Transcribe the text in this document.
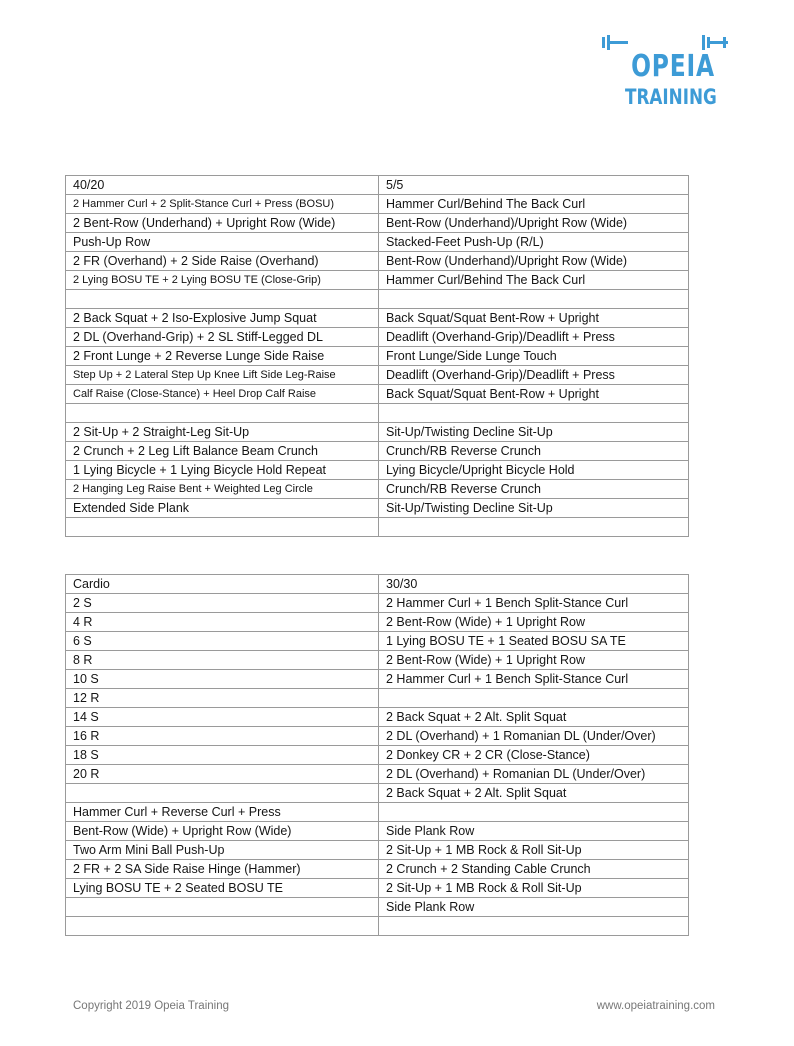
OPEIA
TRAINING
40/20	5/5
2 Hammer Curl + 2 Split-Stance Curl + Press (BOSU)	Hammer Curl/Behind The Back Curl
2 Bent-Row (Underhand) + Upright Row (Wide)	Bent-Row (Underhand)/Upright Row (Wide)
Push-Up Row	Stacked-Feet Push-Up (R/L)
2 FR (Overhand) + 2 Side Raise (Overhand)	Bent-Row (Underhand)/Upright Row (Wide)
2 Lying BOSU TE + 2 Lying BOSU TE (Close-Grip)	Hammer Curl/Behind The Back Curl

2 Back Squat + 2 Iso-Explosive Jump Squat	Back Squat/Squat Bent-Row + Upright
2 DL (Overhand-Grip) + 2 SL Stiff-Legged DL	Deadlift (Overhand-Grip)/Deadlift + Press
2 Front Lunge + 2 Reverse Lunge Side Raise	Front Lunge/Side Lunge Touch
Step Up + 2 Lateral Step Up Knee Lift Side Leg-Raise	Deadlift (Overhand-Grip)/Deadlift + Press
Calf Raise (Close-Stance) + Heel Drop Calf Raise	Back Squat/Squat Bent-Row + Upright

2 Sit-Up + 2 Straight-Leg Sit-Up	Sit-Up/Twisting Decline Sit-Up
2 Crunch + 2 Leg Lift Balance Beam Crunch	Crunch/RB Reverse Crunch
1 Lying Bicycle + 1 Lying Bicycle Hold Repeat	Lying Bicycle/Upright Bicycle Hold
2 Hanging Leg Raise Bent + Weighted Leg Circle	Crunch/RB Reverse Crunch
Extended Side Plank	Sit-Up/Twisting Decline Sit-Up

Cardio	30/30
2 S	2 Hammer Curl + 1 Bench Split-Stance Curl
4 R	2 Bent-Row (Wide) + 1 Upright Row
6 S	1 Lying BOSU TE + 1 Seated BOSU SA TE
8 R	2 Bent-Row (Wide) + 1 Upright Row
10 S	2 Hammer Curl + 1 Bench Split-Stance Curl
12 R	
14 S	2 Back Squat + 2 Alt. Split Squat
16 R	2 DL (Overhand) + 1 Romanian DL (Under/Over)
18 S	2 Donkey CR + 2 CR (Close-Stance)
20 R	2 DL (Overhand) + Romanian DL (Under/Over)
	2 Back Squat + 2 Alt. Split Squat
Hammer Curl + Reverse Curl + Press	
Bent-Row (Wide) + Upright Row (Wide)	Side Plank Row
Two Arm Mini Ball Push-Up	2 Sit-Up + 1 MB Rock & Roll Sit-Up
2 FR + 2 SA Side Raise Hinge (Hammer)	2 Crunch + 2 Standing Cable Crunch
Lying BOSU TE + 2 Seated BOSU TE	2 Sit-Up + 1 MB Rock & Roll Sit-Up
	Side Plank Row

Copyright 2019 Opeia Training	www.opeiatraining.com
